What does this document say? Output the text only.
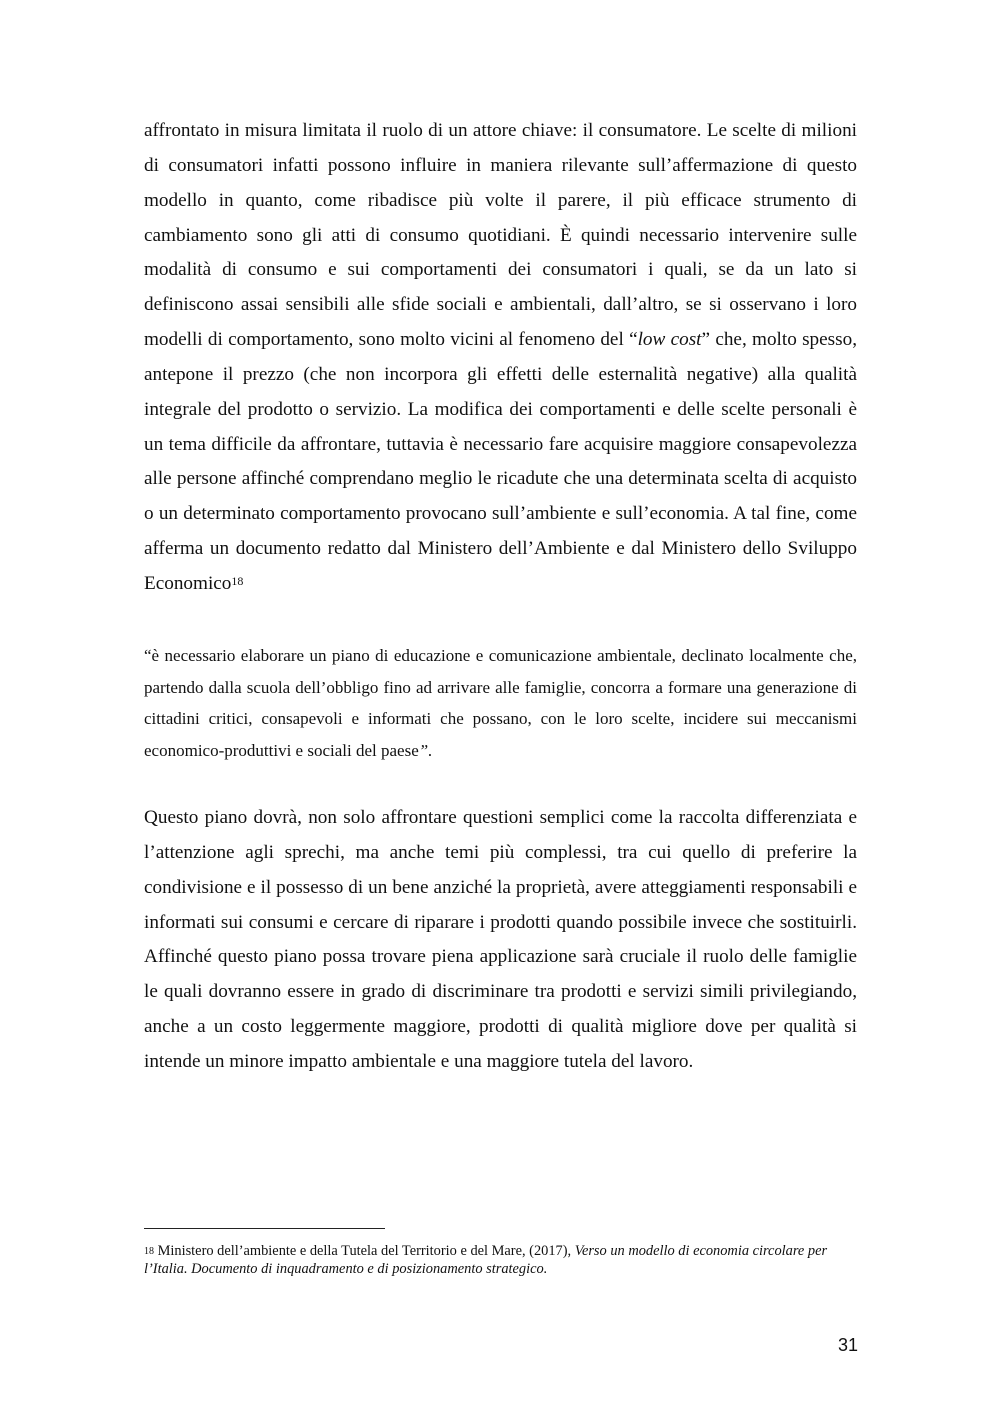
affrontato in misura limitata il ruolo di un attore chiave: il consumatore. Le scelte di milioni di consumatori infatti possono influire in maniera rilevante sull’affermazione di questo modello in quanto, come ribadisce più volte il parere, il più efficace strumento di cambiamento sono gli atti di consumo quotidiani. È quindi necessario intervenire sulle modalità di consumo e sui comportamenti dei consumatori i quali, se da un lato si definiscono assai sensibili alle sfide sociali e ambientali, dall’altro, se si osservano i loro modelli di comportamento, sono molto vicini al fenomeno del “low cost” che, molto spesso, antepone il prezzo (che non incorpora gli effetti delle esternalità negative) alla qualità integrale del prodotto o servizio. La modifica dei comportamenti e delle scelte personali è un tema difficile da affrontare, tuttavia è necessario fare acquisire maggiore consapevolezza alle persone affinché comprendano meglio le ricadute che una determinata scelta di acquisto o un determinato comportamento provocano sull’ambiente e sull’economia. A tal fine, come afferma un documento redatto dal Ministero dell’Ambiente e dal Ministero dello Sviluppo Economico$^{18}$

“è necessario elaborare un piano di educazione e comunicazione ambientale, declinato localmente che, partendo dalla scuola dell’obbligo fino ad arrivare alle famiglie, concorra a formare una generazione di cittadini critici, consapevoli e informati che possano, con le loro scelte, incidere sui meccanismi economico-produttivi e sociali del paese”.

Questo piano dovrà, non solo affrontare questioni semplici come la raccolta differenziata e l’attenzione agli sprechi, ma anche temi più complessi, tra cui quello di preferire la condivisione e il possesso di un bene anziché la proprietà, avere atteggiamenti responsabili e informati sui consumi e cercare di riparare i prodotti quando possibile invece che sostituirli. Affinché questo piano possa trovare piena applicazione sarà cruciale il ruolo delle famiglie le quali dovranno essere in grado di discriminare tra prodotti e servizi simili privilegiando, anche a un costo leggermente maggiore, prodotti di qualità migliore dove per qualità si intende un minore impatto ambientale e una maggiore tutela del lavoro.

$^{18}$ Ministero dell’ambiente e della Tutela del Territorio e del Mare, (2017), Verso un modello di economia circolare per l’Italia. Documento di inquadramento e di posizionamento strategico.

31
